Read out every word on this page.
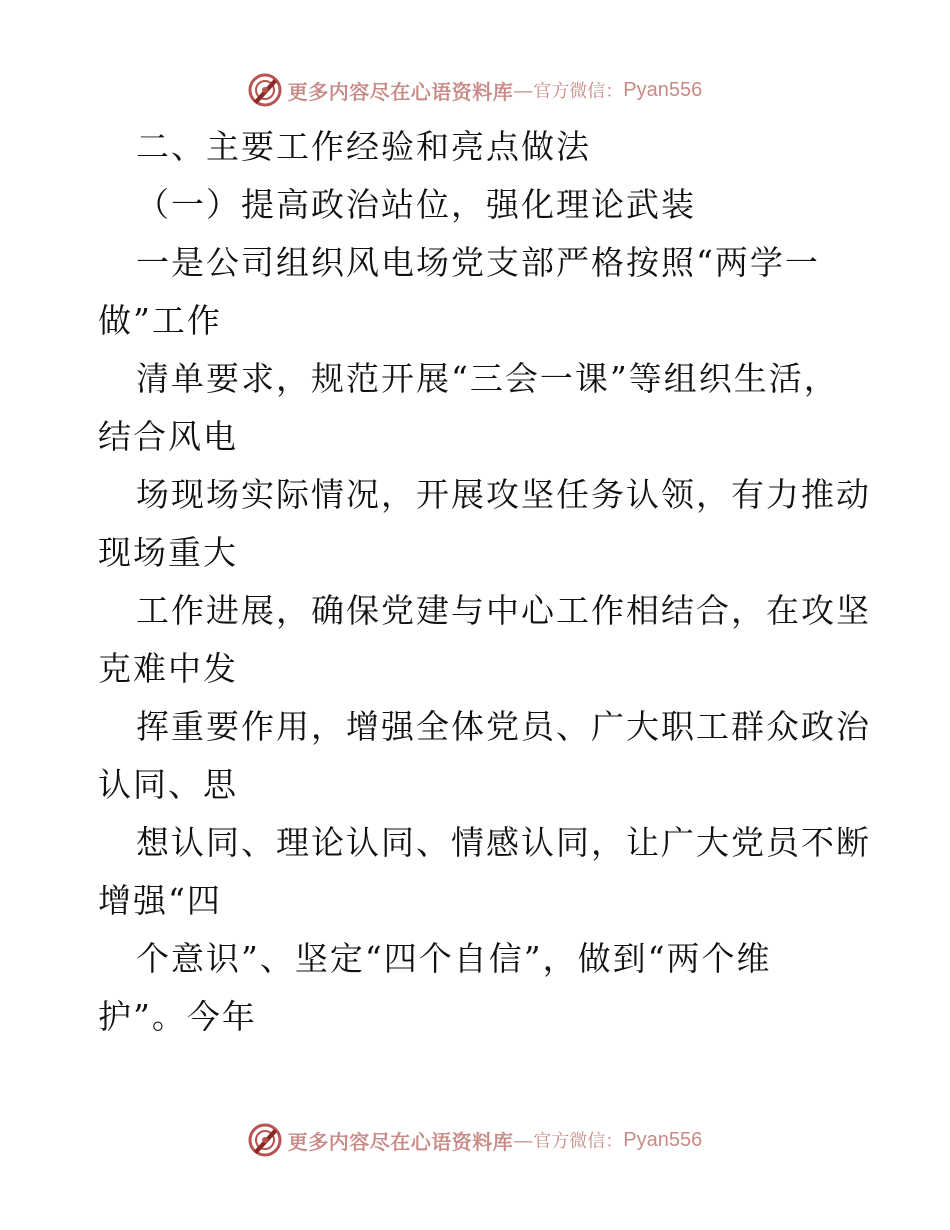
更多内容尽在心语资料库 — 官方微信： Pyan556
二、主要工作经验和亮点做法
（一）提高政治站位，强化理论武装
一是公司组织风电场党支部严格按照“两学一
做”工作
清单要求，规范开展“三会一课”等组织生活，
结合风电
场现场实际情况，开展攻坚任务认领，有力推动
现场重大
工作进展，确保党建与中心工作相结合，在攻坚
克难中发
挥重要作用，增强全体党员、广大职工群众政治
认同、思
想认同、理论认同、情感认同，让广大党员不断
增强“四
个意识”、坚定“四个自信”，做到“两个维
护”。今年
更多内容尽在心语资料库 — 官方微信： Pyan556
